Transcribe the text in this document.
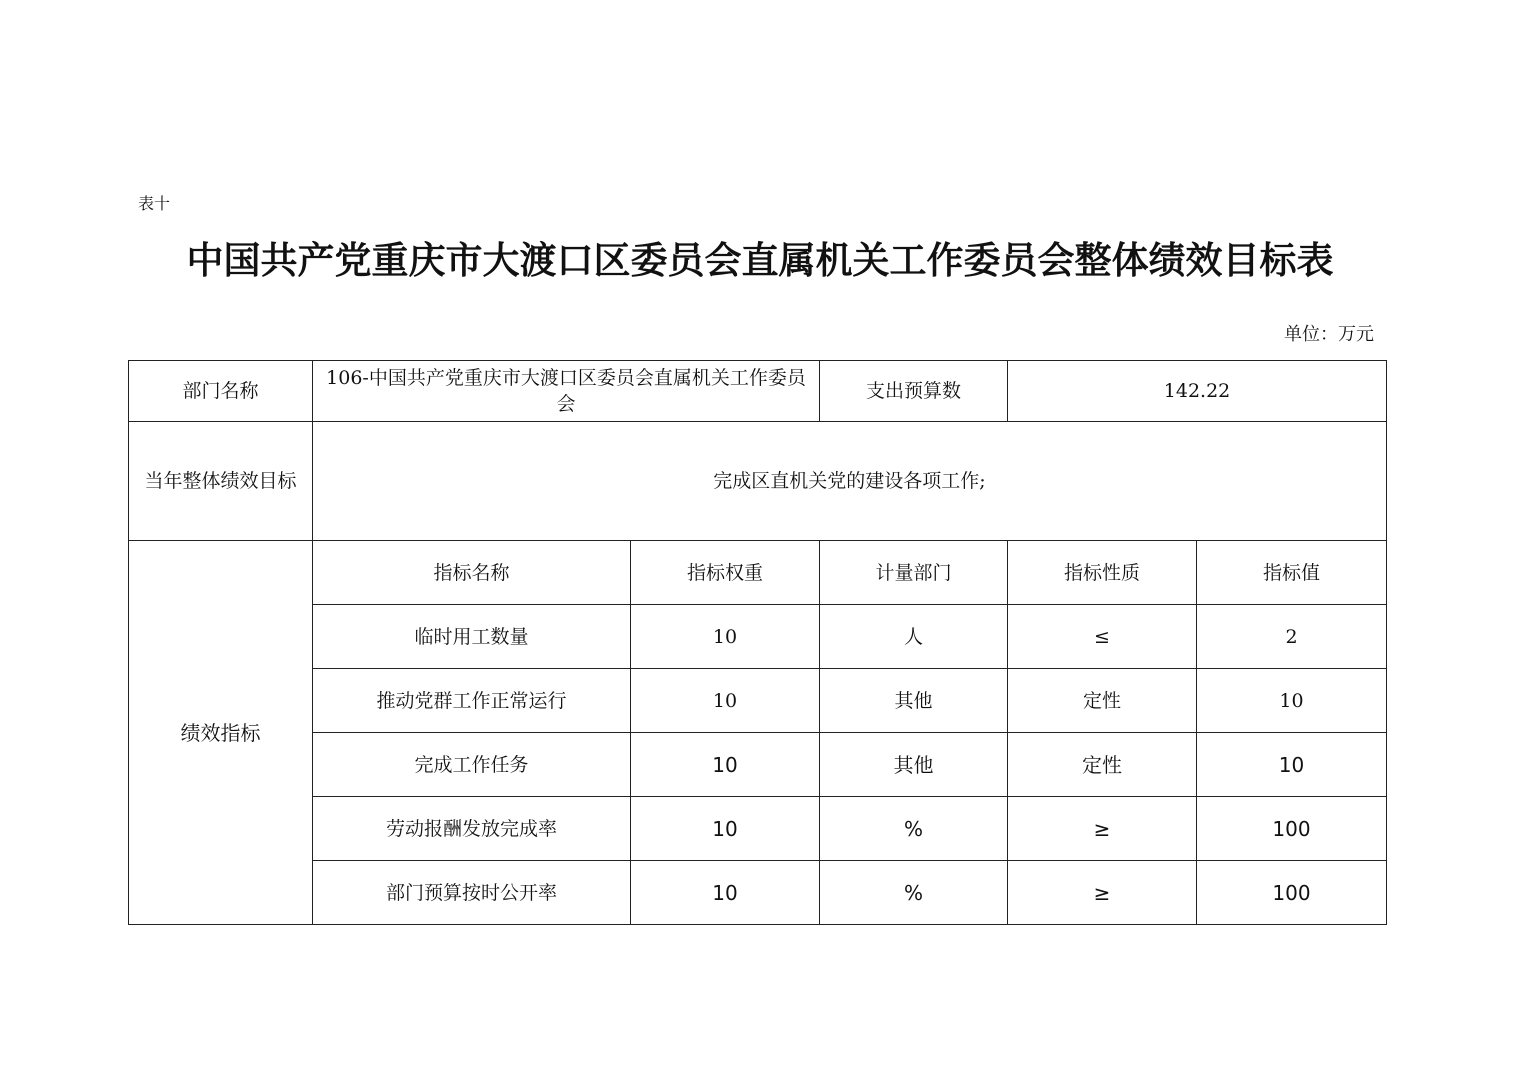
表十
中国共产党重庆市大渡口区委员会直属机关工作委员会整体绩效目标表
单位：万元
部门名称	106-中国共产党重庆市大渡口区委员会直属机关工作委员会		支出预算数	142.22	
当年整体绩效目标	完成区直机关党的建设各项工作;				
绩效指标	指标名称	指标权重	计量部门	指标性质	指标值
	临时用工数量	10	人	≤	2
	推动党群工作正常运行	10	其他	定性	10
	完成工作任务	10	其他	定性	10
	劳动报酬发放完成率	10	%	≥	100
	部门预算按时公开率	10	%	≥	100
